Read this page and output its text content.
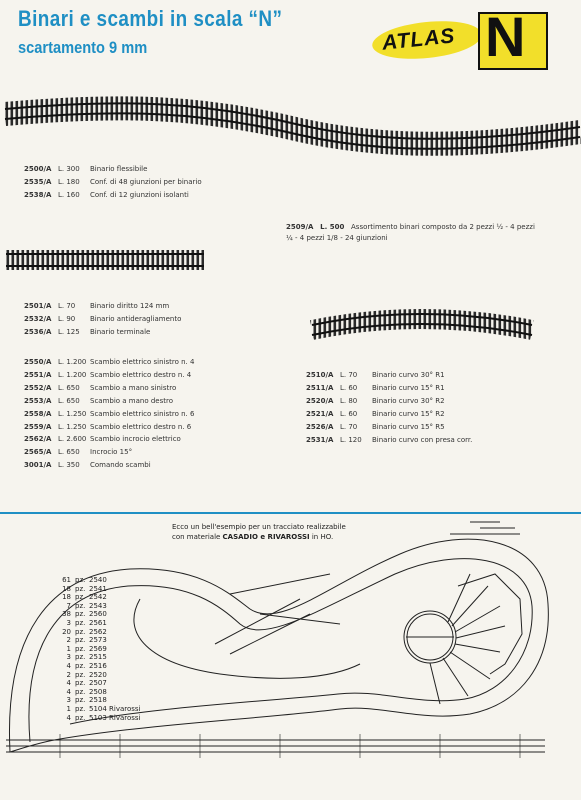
Binari e scambi in scala “N”
scartamento 9 mm	ATLAS N
2500/A L. 300	Binario flessibile
2535/A L. 180	Conf. di 48 giunzioni per binario
2538/A L. 160	Conf. di 12 giunzioni isolanti
2509/A L. 500 Assortimento binari composto da 2 pezzi ½ - 4 pezzi ¼ - 4 pezzi 1/8 - 24 giunzioni
2501/A L. 70	Binario diritto 124 mm
2532/A L. 90	Binario antideragliamento
2536/A L. 125	Binario terminale
2550/A L. 1.200 Scambio elettrico sinistro n. 4
2551/A L. 1.200 Scambio elettrico destro n. 4
2552/A L. 650	Scambio a mano sinistro
2553/A L. 650	Scambio a mano destro
2558/A L. 1.250 Scambio elettrico sinistro n. 6
2559/A L. 1.250 Scambio elettrico destro n. 6
2562/A L. 2.600 Scambio incrocio elettrico
2565/A L. 650	Incrocio 15°
3001/A L. 350	Comando scambi
2510/A L. 70	Binario curvo 30° R1
2511/A L. 60	Binario curvo 15° R1
2520/A L. 80	Binario curvo 30° R2
2521/A L. 60	Binario curvo 15° R2
2526/A L. 70	Binario curvo 15° R5
2531/A L. 120	Binario curvo con presa corr.
Ecco un bell'esempio per un tracciato realizzabile
con materiale CASADIO e RIVAROSSI in HO.
61 pz. 2540
18 pz. 2541
18 pz. 2542
7 pz. 2543
38 pz. 2560
3 pz. 2561
20 pz. 2562
2 pz. 2573
1 pz. 2569
3 pz. 2515
4 pz. 2516
2 pz. 2520
4 pz. 2507
4 pz. 2508
3 pz. 2518
1 pz. 5104 Rivarossi
4 pz. 5103 Rivarossi
